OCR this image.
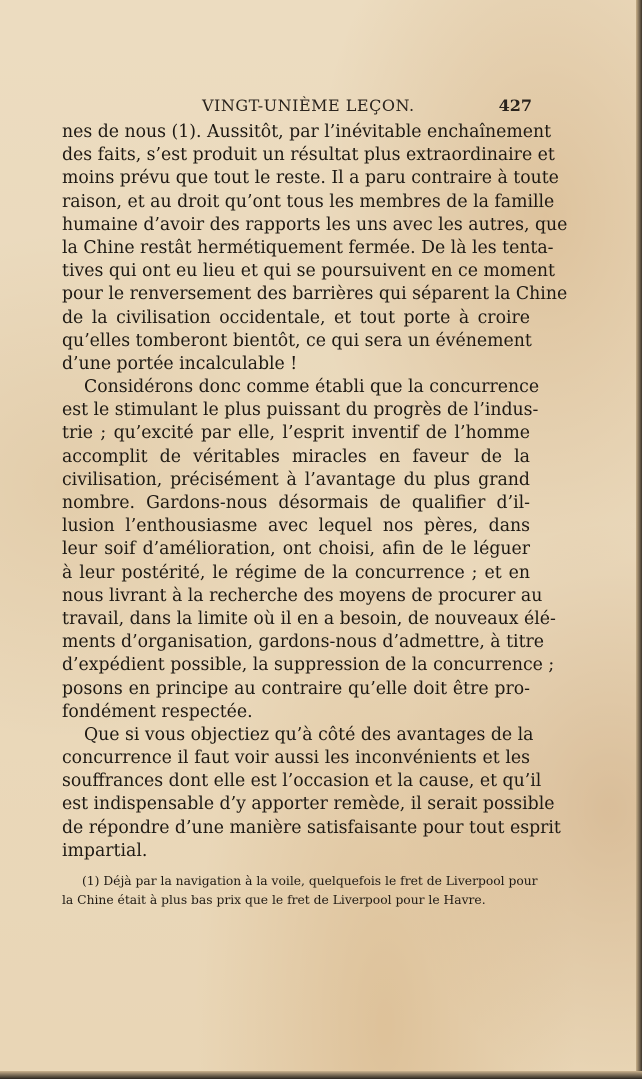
VINGT-UNIÈME LEÇON.	427
nes de nous (1). Aussitôt, par l’inévitable enchaînement
des faits, s’est produit un résultat plus extraordinaire et
moins prévu que tout le reste. Il a paru contraire à toute
raison, et au droit qu’ont tous les membres de la famille
humaine d’avoir des rapports les uns avec les autres, que
la Chine restât hermétiquement fermée. De là les tenta-
tives qui ont eu lieu et qui se poursuivent en ce moment
pour le renversement des barrières qui séparent la Chine
de la civilisation occidentale, et tout porte à croire
qu’elles tomberont bientôt, ce qui sera un événement
d’une portée incalculable !
Considérons donc comme établi que la concurrence
est le stimulant le plus puissant du progrès de l’indus-
trie ; qu’excité par elle, l’esprit inventif de l’homme
accomplit de véritables miracles en faveur de la
civilisation, précisément à l’avantage du plus grand
nombre. Gardons-nous désormais de qualifier d’il-
lusion l’enthousiasme avec lequel nos pères, dans
leur soif d’amélioration, ont choisi, afin de le léguer
à leur postérité, le régime de la concurrence ; et en
nous livrant à la recherche des moyens de procurer au
travail, dans la limite où il en a besoin, de nouveaux élé-
ments d’organisation, gardons-nous d’admettre, à titre
d’expédient possible, la suppression de la concurrence ;
posons en principe au contraire qu’elle doit être pro-
fondément respectée.
Que si vous objectiez qu’à côté des avantages de la
concurrence il faut voir aussi les inconvénients et les
souffrances dont elle est l’occasion et la cause, et qu’il
est indispensable d’y apporter remède, il serait possible
de répondre d’une manière satisfaisante pour tout esprit
impartial.
(1) Déjà par la navigation à la voile, quelquefois le fret de Liverpool pour
la Chine était à plus bas prix que le fret de Liverpool pour le Havre.
